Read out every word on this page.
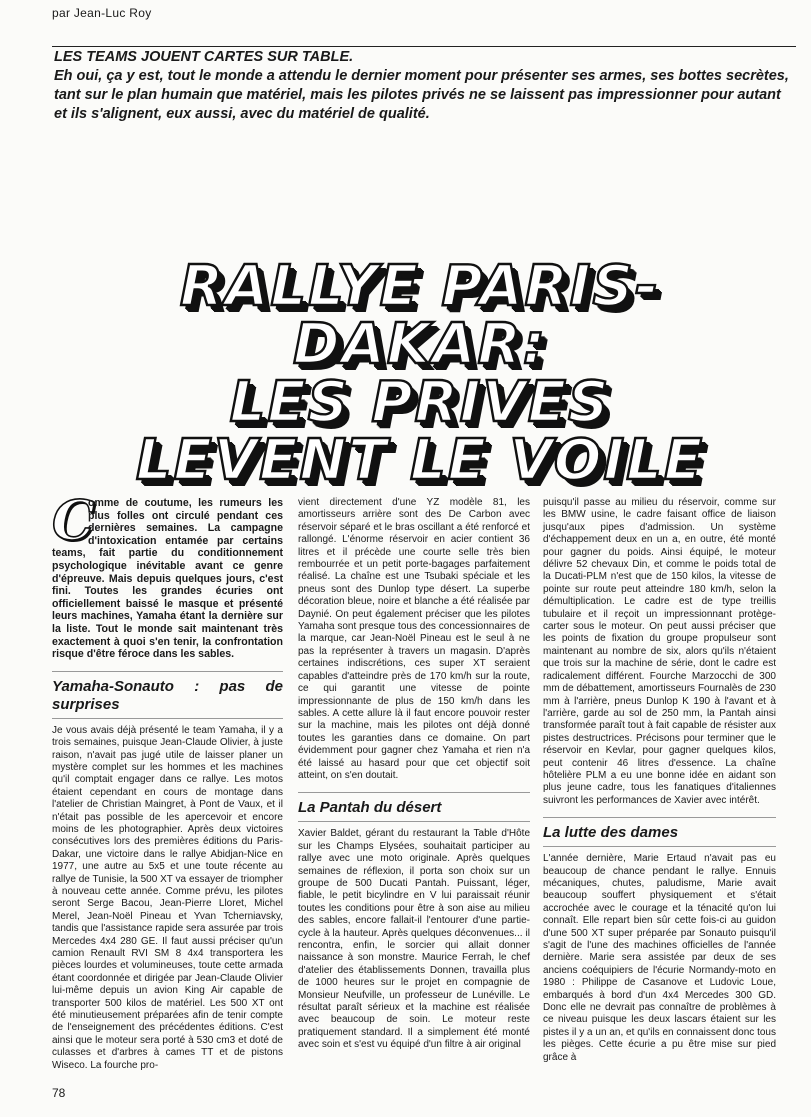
par Jean-Luc Roy

LES TEAMS JOUENT CARTES SUR TABLE.

Eh oui, ça y est, tout le monde a attendu le dernier moment pour présenter ses armes, ses bottes secrètes, tant sur le plan humain que matériel, mais les pilotes privés ne se laissent pas impressionner pour autant et ils s'alignent, eux aussi, avec du matériel de qualité.

RALLYE PARIS-DAKAR:
LES PRIVES
LEVENT LE VOILE
C
omme de coutume, les rumeurs les plus folles ont circulé pendant ces dernières semaines. La campagne d'intoxication entamée par certains teams, fait partie du conditionnement psychologique inévitable avant ce genre d'épreuve. Mais depuis quelques jours, c'est fini. Toutes les grandes écuries ont officiellement baissé le masque et présenté leurs machines, Yamaha étant la dernière sur la liste. Tout le monde sait maintenant très exactement à quoi s'en tenir, la confrontation risque d'être féroce dans les sables.
Yamaha-Sonauto : pas de surprises

Je vous avais déjà présenté le team Yamaha, il y a trois semaines, puisque Jean-Claude Olivier, à juste raison, n'avait pas jugé utile de laisser planer un mystère complet sur les hommes et les machines qu'il comptait engager dans ce rallye. Les motos étaient cependant en cours de montage dans l'atelier de Christian Maingret, à Pont de Vaux, et il n'était pas possible de les apercevoir et encore moins de les photographier. Après deux victoires consécutives lors des premières éditions du Paris-Dakar, une victoire dans le rallye Abidjan-Nice en 1977, une autre au 5x5 et une toute récente au rallye de Tunisie, la 500 XT va essayer de triompher à nouveau cette année. Comme prévu, les pilotes seront Serge Bacou, Jean-Pierre Lloret, Michel Merel, Jean-Noël Pineau et Yvan Tcherniavsky, tandis que l'assistance rapide sera assurée par trois Mercedes 4x4 280 GE. Il faut aussi préciser qu'un camion Renault RVI SM 8 4x4 transportera les pièces lourdes et volumineuses, toute cette armada étant coordonnée et dirigée par Jean-Claude Olivier lui-même depuis un avion King Air capable de transporter 500 kilos de matériel. Les 500 XT ont été minutieusement préparées afin de tenir compte de l'enseignement des précédentes éditions. C'est ainsi que le moteur sera porté à 530 cm3 et doté de culasses et d'arbres à cames TT et de pistons Wiseco. La fourche pro-

vient directement d'une YZ modèle 81, les amortisseurs arrière sont des De Carbon avec réservoir séparé et le bras oscillant a été renforcé et rallongé. L'énorme réservoir en acier contient 36 litres et il précède une courte selle très bien rembourrée et un petit porte-bagages parfaitement réalisé. La chaîne est une Tsubaki spéciale et les pneus sont des Dunlop type désert. La superbe décoration bleue, noire et blanche a été réalisée par Daynié. On peut également préciser que les pilotes Yamaha sont presque tous des concessionnaires de la marque, car Jean-Noël Pineau est le seul à ne pas la représenter à travers un magasin. D'après certaines indiscrétions, ces super XT seraient capables d'atteindre près de 170 km/h sur la route, ce qui garantit une vitesse de pointe impressionnante de plus de 150 km/h dans les sables. A cette allure là il faut encore pouvoir rester sur la machine, mais les pilotes ont déjà donné toutes les garanties dans ce domaine. On part évidemment pour gagner chez Yamaha et rien n'a été laissé au hasard pour que cet objectif soit atteint, on s'en doutait.

La Pantah du désert

Xavier Baldet, gérant du restaurant la Table d'Hôte sur les Champs Elysées, souhaitait participer au rallye avec une moto originale. Après quelques semaines de réflexion, il porta son choix sur un groupe de 500 Ducati Pantah. Puissant, léger, fiable, le petit bicylindre en V lui paraissait réunir toutes les conditions pour être à son aise au milieu des sables, encore fallait-il l'entourer d'une partie-cycle à la hauteur. Après quelques déconvenues... il rencontra, enfin, le sorcier qui allait donner naissance à son monstre. Maurice Ferrah, le chef d'atelier des établissements Donnen, travailla plus de 1000 heures sur le projet en compagnie de Monsieur Neufville, un professeur de Lunéville. Le résultat paraît sérieux et la machine est réalisée avec beaucoup de soin. Le moteur reste pratiquement standard. Il a simplement été monté avec soin et s'est vu équipé d'un filtre à air original

puisqu'il passe au milieu du réservoir, comme sur les BMW usine, le cadre faisant office de liaison jusqu'aux pipes d'admission. Un système d'échappement deux en un a, en outre, été monté pour gagner du poids. Ainsi équipé, le moteur délivre 52 chevaux Din, et comme le poids total de la Ducati-PLM n'est que de 150 kilos, la vitesse de pointe sur route peut atteindre 180 km/h, selon la démultiplication. Le cadre est de type treillis tubulaire et il reçoit un impressionnant protège-carter sous le moteur. On peut aussi préciser que les points de fixation du groupe propulseur sont maintenant au nombre de six, alors qu'ils n'étaient que trois sur la machine de série, dont le cadre est radicalement différent. Fourche Marzocchi de 300 mm de débattement, amortisseurs Fournalès de 230 mm à l'arrière, pneus Dunlop K 190 à l'avant et à l'arrière, garde au sol de 250 mm, la Pantah ainsi transformée paraît tout à fait capable de résister aux pistes destructrices. Précisons pour terminer que le réservoir en Kevlar, pour gagner quelques kilos, peut contenir 46 litres d'essence. La chaîne hôtelière PLM a eu une bonne idée en aidant son plus jeune cadre, tous les fanatiques d'italiennes suivront les performances de Xavier avec intérêt.

La lutte des dames

L'année dernière, Marie Ertaud n'avait pas eu beaucoup de chance pendant le rallye. Ennuis mécaniques, chutes, paludisme, Marie avait beaucoup souffert physiquement et s'était accrochée avec le courage et la ténacité qu'on lui connaît. Elle repart bien sûr cette fois-ci au guidon d'une 500 XT super préparée par Sonauto puisqu'il s'agit de l'une des machines officielles de l'année dernière. Marie sera assistée par deux de ses anciens coéquipiers de l'écurie Normandy-moto en 1980 : Philippe de Casanove et Ludovic Loue, embarqués à bord d'un 4x4 Mercedes 300 GD. Donc elle ne devrait pas connaître de problèmes à ce niveau puisque les deux lascars étaient sur les pistes il y a un an, et qu'ils en connaissent donc tous les pièges. Cette écurie a pu être mise sur pied grâce à

78
